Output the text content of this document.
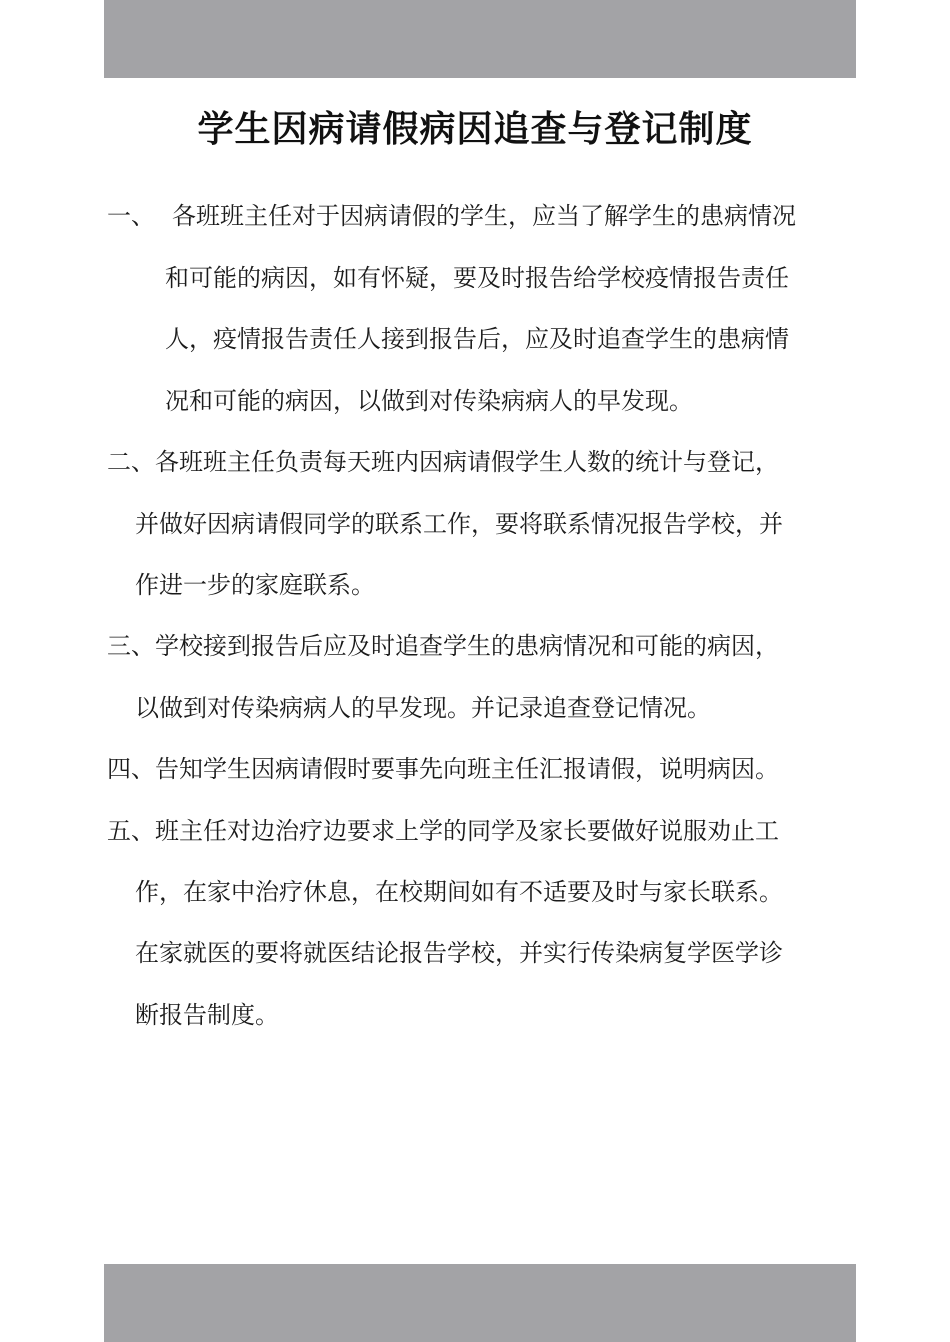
学生因病请假病因追查与登记制度
一、 各班班主任对于因病请假的学生，应当了解学生的患病情况
和可能的病因，如有怀疑，要及时报告给学校疫情报告责任
人，疫情报告责任人接到报告后，应及时追查学生的患病情
况和可能的病因，以做到对传染病病人的早发现。
二、各班班主任负责每天班内因病请假学生人数的统计与登记，
并做好因病请假同学的联系工作，要将联系情况报告学校，并
作进一步的家庭联系。
三、学校接到报告后应及时追查学生的患病情况和可能的病因，
以做到对传染病病人的早发现。并记录追查登记情况。
四、告知学生因病请假时要事先向班主任汇报请假，说明病因。
五、班主任对边治疗边要求上学的同学及家长要做好说服劝止工
作，在家中治疗休息，在校期间如有不适要及时与家长联系。
在家就医的要将就医结论报告学校，并实行传染病复学医学诊
断报告制度。
